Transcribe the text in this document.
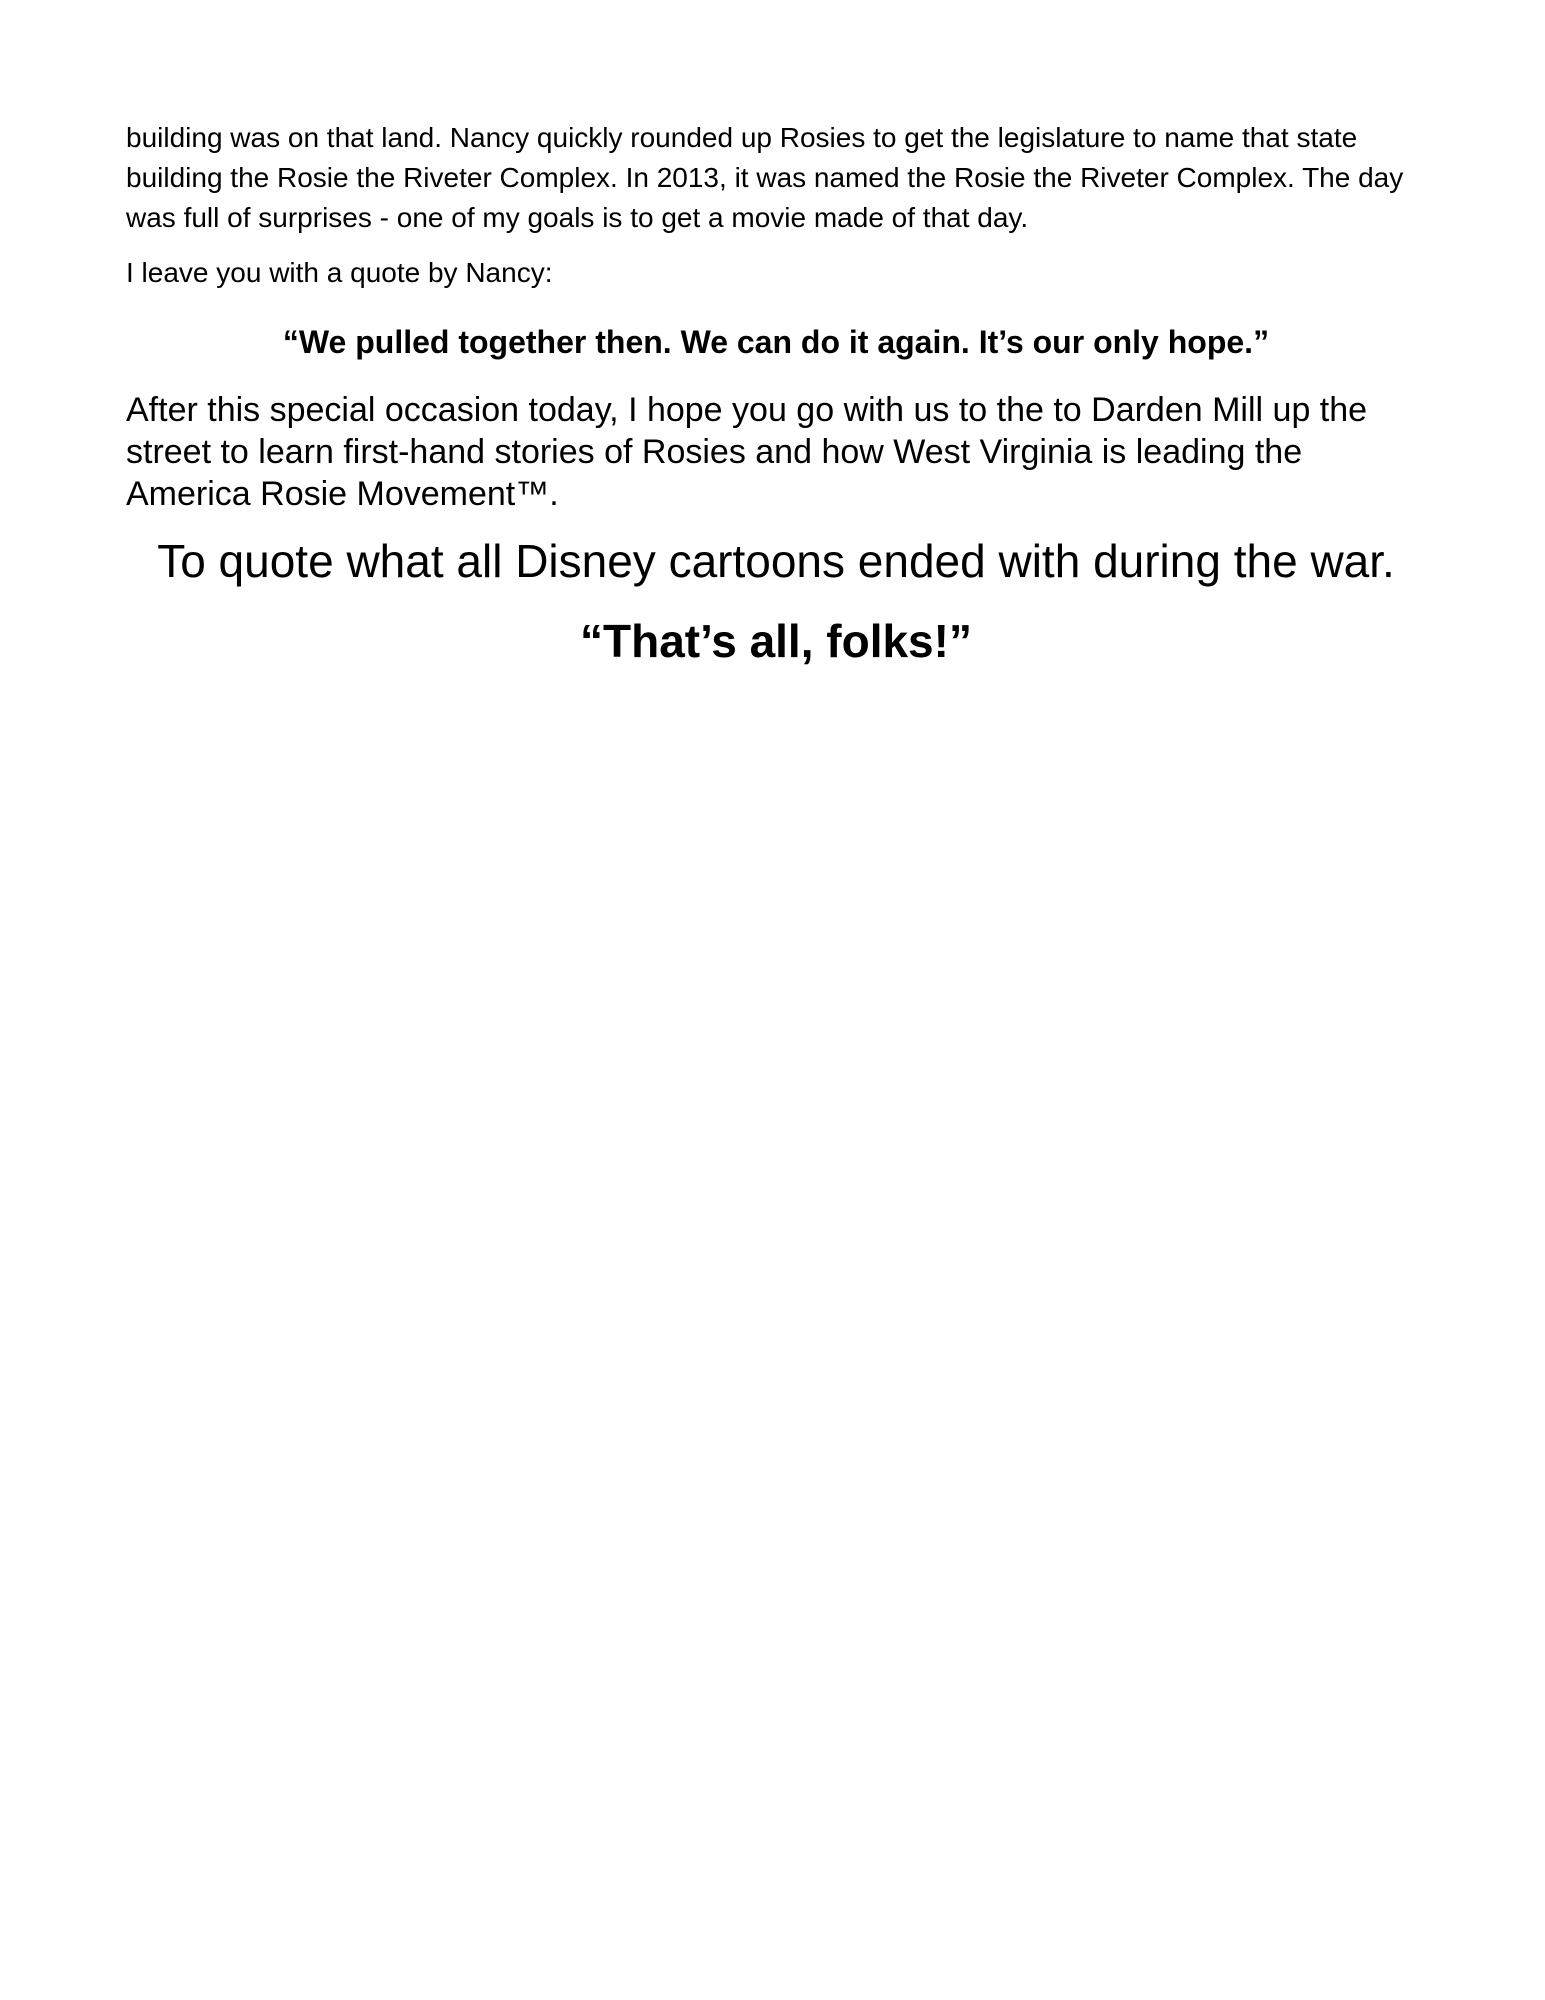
building was on that land. Nancy quickly rounded up Rosies to get the legislature to name that state building the Rosie the Riveter Complex. In 2013, it was named the Rosie the Riveter Complex. The day was full of surprises - one of my goals is to get a movie made of that day.

I leave you with a quote by Nancy:

“We pulled together then. We can do it again. It’s our only hope.”

After this special occasion today, I hope you go with us to the to Darden Mill up the street to learn first-hand stories of Rosies and how West Virginia is leading the America Rosie Movement™.

To quote what all Disney cartoons ended with during the war.

“That’s all, folks!”
